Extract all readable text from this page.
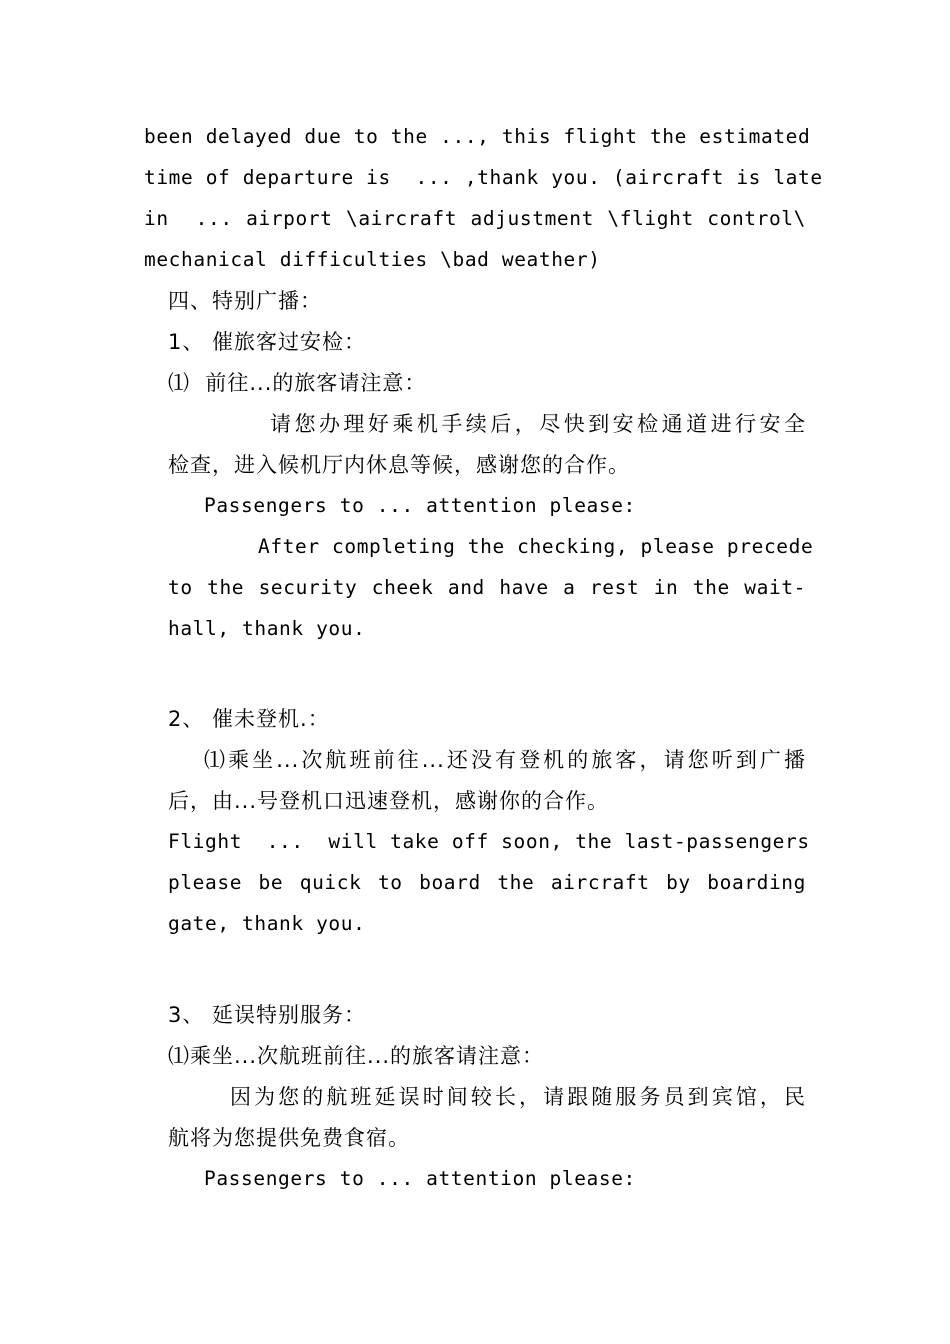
been delayed due to the ..., this flight the estimated
time of departure is  ... ,thank you. (aircraft is late
in  ... airport \aircraft adjustment \flight control\
mechanical difficulties \bad weather)
四、特别广播：
1、 催旅客过安检：
⑴  前往...的旅客请注意：
请您办理好乘机手续后，尽快到安检通道进行安全
检查，进入候机厅内休息等候，感谢您的合作。
Passengers to ... attention please:
After completing the checking, please precede
to the security cheek and have a rest in the wait-
hall, thank you.
2、 催未登机.：
⑴乘坐...次航班前往...还没有登机的旅客，请您听到广播
后，由...号登机口迅速登机，感谢你的合作。
Flight  ...  will take off soon, the last-passengers
please be quick to board the aircraft by boarding
gate, thank you.
3、 延误特别服务：
⑴乘坐...次航班前往...的旅客请注意：
因为您的航班延误时间较长，请跟随服务员到宾馆，民
航将为您提供免费食宿。
Passengers to ... attention please:
